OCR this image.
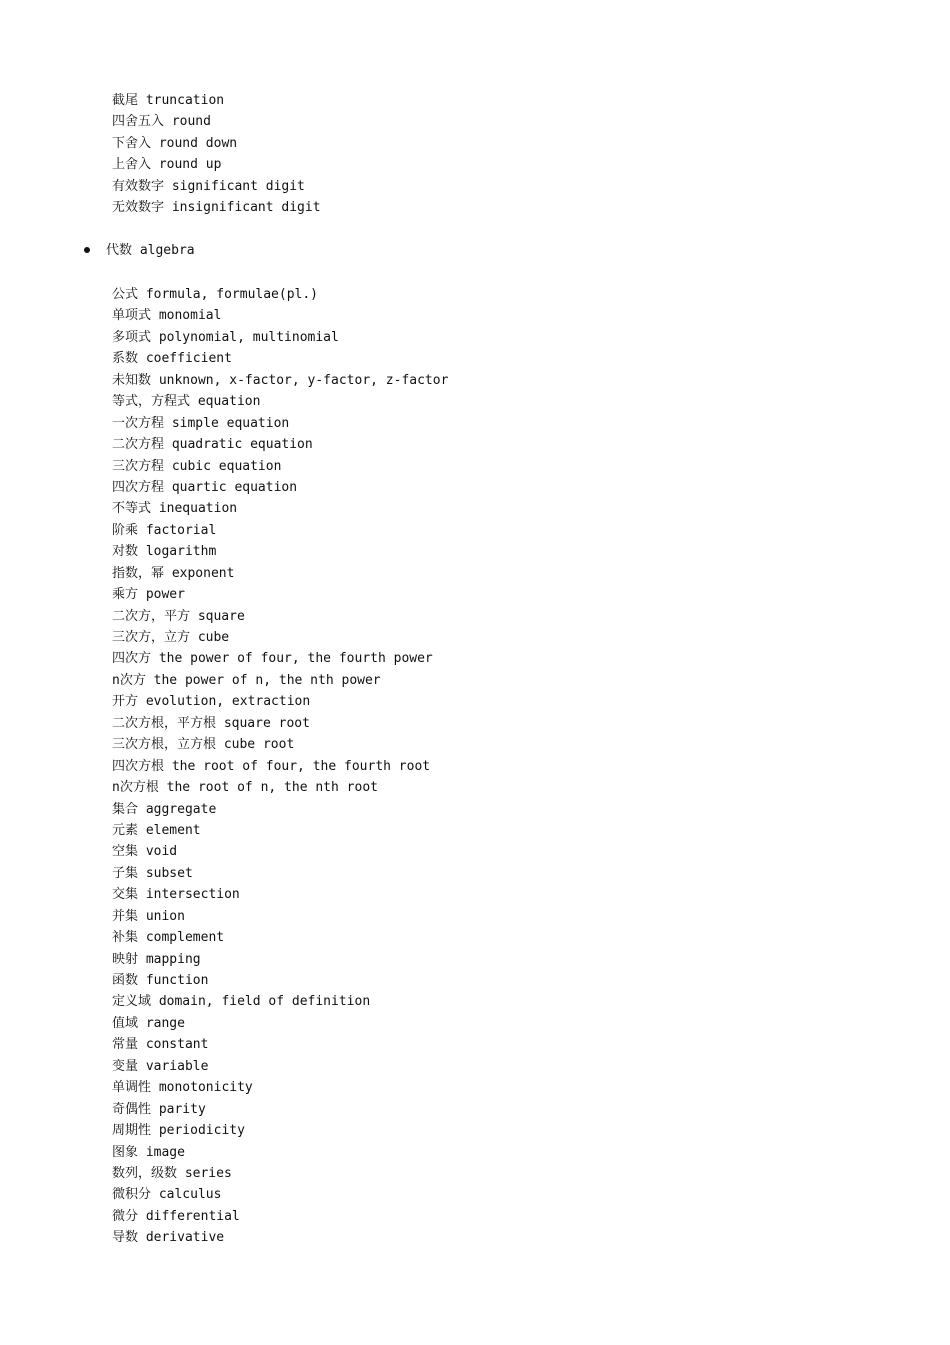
截尾 truncation
四舍五入 round
下舍入 round down
上舍入 round up
有效数字 significant digit
无效数字 insignificant digit
代数 algebra
公式 formula, formulae(pl.)
单项式 monomial
多项式 polynomial, multinomial
系数 coefficient
未知数 unknown, x-factor, y-factor, z-factor
等式，方程式 equation
一次方程 simple equation
二次方程 quadratic equation
三次方程 cubic equation
四次方程 quartic equation
不等式 inequation
阶乘 factorial
对数 logarithm
指数，幂 exponent
乘方 power
二次方，平方 square
三次方，立方 cube
四次方 the power of four, the fourth power
n次方 the power of n, the nth power
开方 evolution, extraction
二次方根，平方根 square root
三次方根，立方根 cube root
四次方根 the root of four, the fourth root
n次方根 the root of n, the nth root
集合 aggregate
元素 element
空集 void
子集 subset
交集 intersection
并集 union
补集 complement
映射 mapping
函数 function
定义域 domain, field of definition
值域 range
常量 constant
变量 variable
单调性 monotonicity
奇偶性 parity
周期性 periodicity
图象 image
数列，级数 series
微积分 calculus
微分 differential
导数 derivative
